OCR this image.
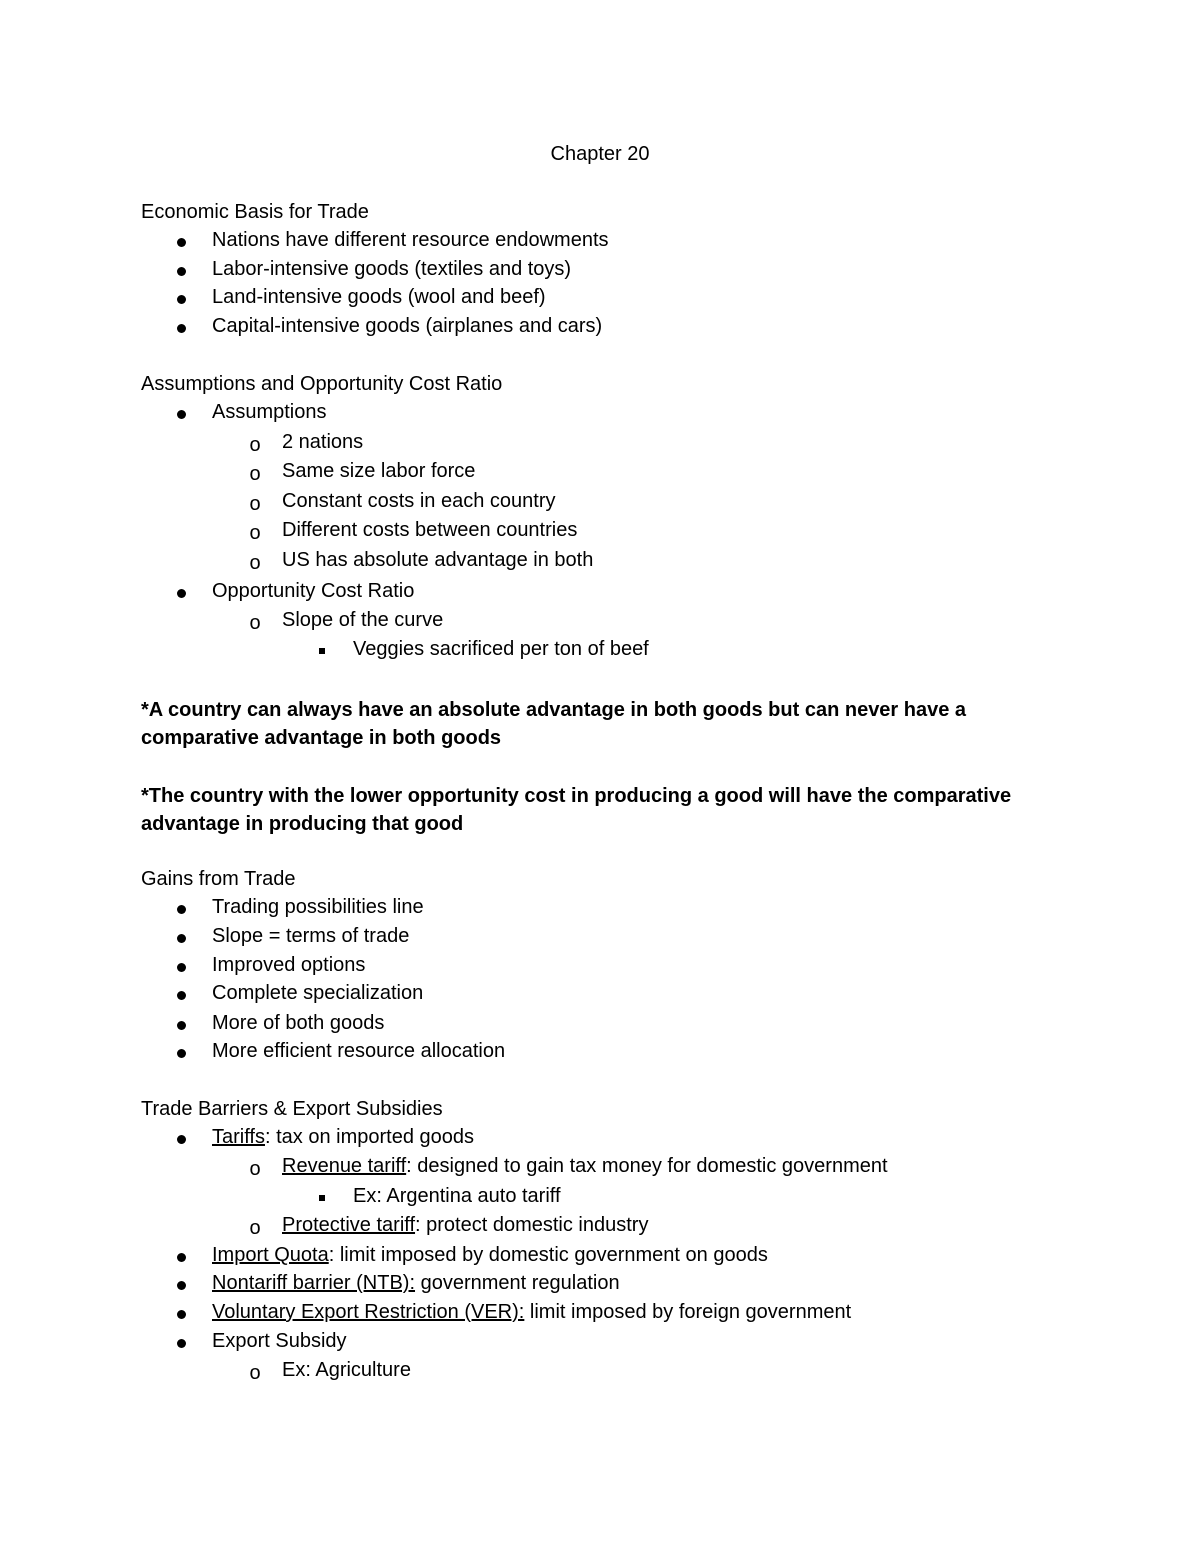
Chapter 20
Economic Basis for Trade
Nations have different resource endowments
Labor-intensive goods (textiles and toys)
Land-intensive goods (wool and beef)
Capital-intensive goods (airplanes and cars)
Assumptions and Opportunity Cost Ratio
Assumptions
o 2 nations
o Same size labor force
o Constant costs in each country
o Different costs between countries
o US has absolute advantage in both
Opportunity Cost Ratio
o Slope of the curve
Veggies sacrificed per ton of beef
*A country can always have an absolute advantage in both goods but can never have a comparative advantage in both goods
*The country with the lower opportunity cost in producing a good will have the comparative advantage in producing that good
Gains from Trade
Trading possibilities line
Slope = terms of trade
Improved options
Complete specialization
More of both goods
More efficient resource allocation
Trade Barriers & Export Subsidies
Tariffs: tax on imported goods
o Revenue tariff: designed to gain tax money for domestic government
Ex: Argentina auto tariff
o Protective tariff: protect domestic industry
Import Quota: limit imposed by domestic government on goods
Nontariff barrier (NTB): government regulation
Voluntary Export Restriction (VER): limit imposed by foreign government
Export Subsidy
o Ex: Agriculture
